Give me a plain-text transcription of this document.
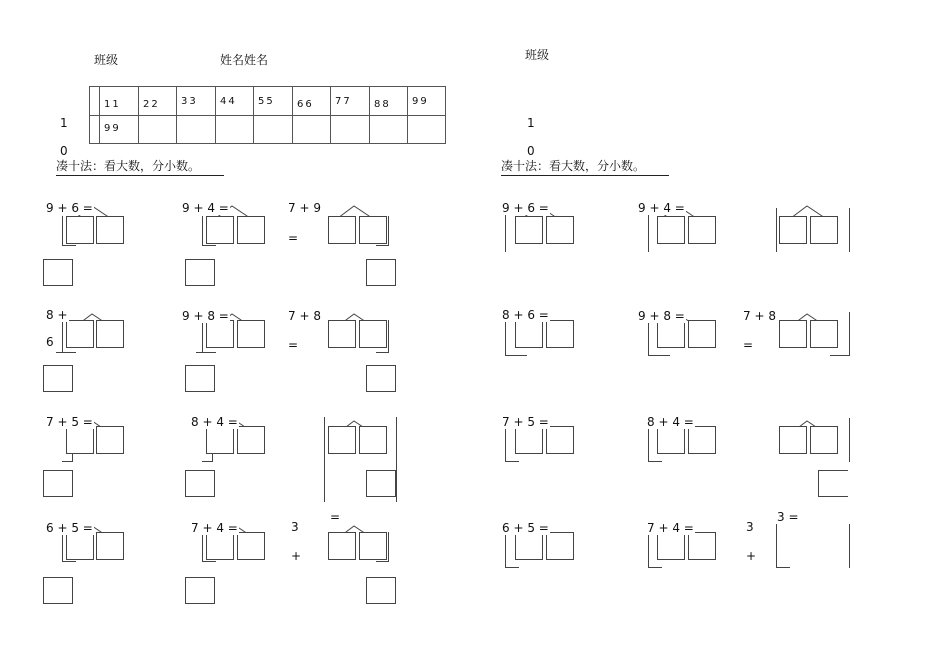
班级	姓名姓名
11	22	33	44	55	66	77	88	99
99
1
0
凑十法：看大数，分小数。
9 + 6 =	9 + 4 =	7 + 9
=
8 +
6
9 + 8 =	7 + 8
=
7 + 5 =	8 + 4 =
=
6 + 5 =	7 + 4 =	3
+
班级
1
0
凑十法：看大数，分小数。
9 + 6 =	9 + 4 =
8 + 6 =	9 + 8 =	7 + 8
=
7 + 5 =	8 + 4 =
6 + 5 =	7 + 4 =	3
+
3 =
